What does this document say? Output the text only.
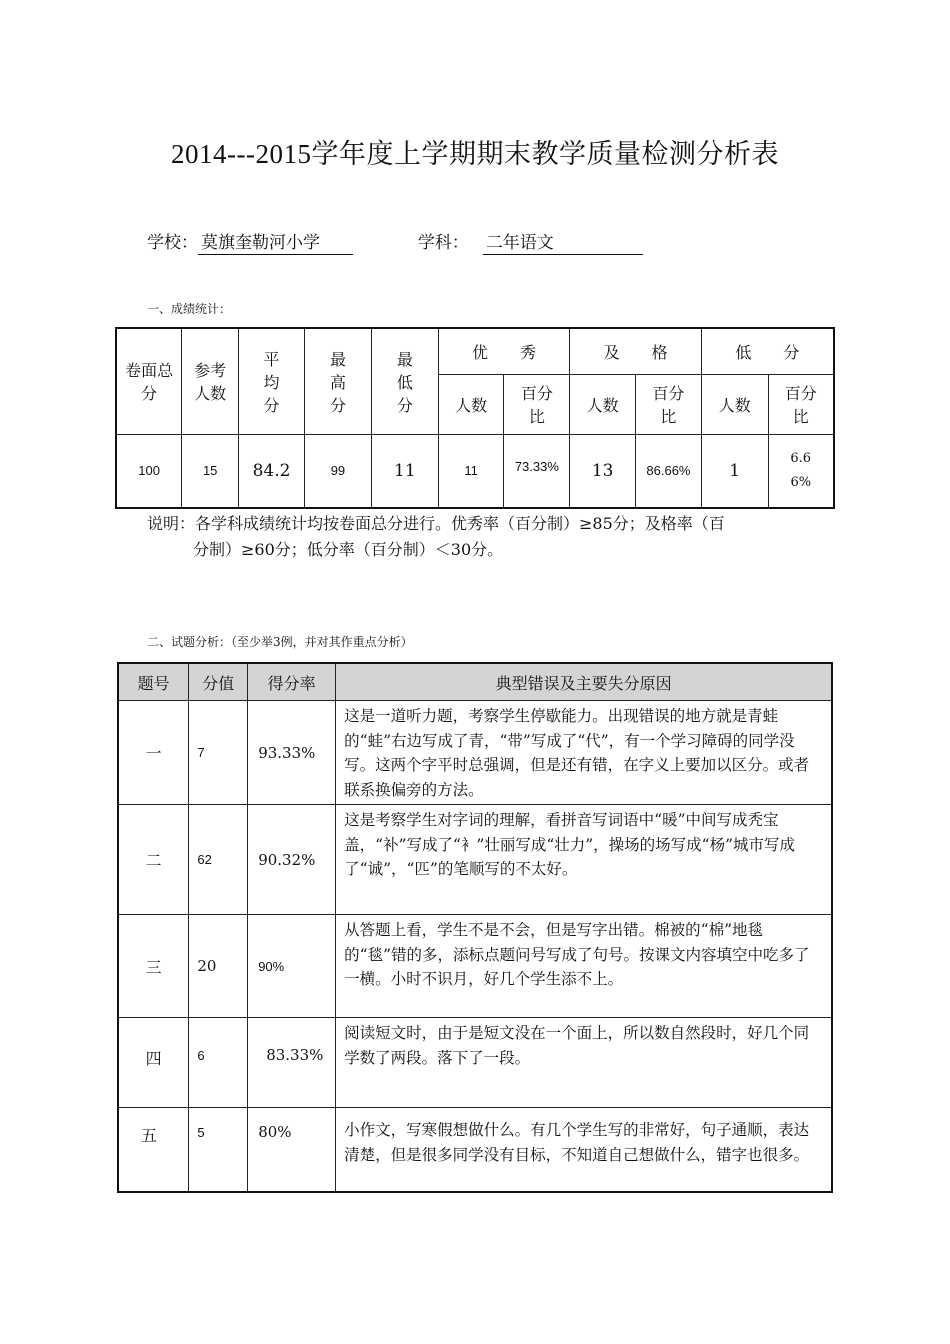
2014---2015学年度上学期期末教学质量检测分析表
学校： 莫旗奎勒河小学	学科： 二年语文
一、成绩统计：
卷面总分	参考人数	平均分	最高分	最低分	优　　秀		及　　格		低　　分	
					人数	百分比	人数	百分比	人数	百分比
100	15	84.2	99	11	11	73.33%	13	86.66%	1	6.66%
说明：各学科成绩统计均按卷面总分进行。优秀率（百分制）≥85分；及格率（百
分制）≥60分；低分率（百分制）＜30分。
二、试题分析：（至少举3例，并对其作重点分析）
题号	分值	得分率	典型错误及主要失分原因
一	7	93.33%	这是一道听力题，考察学生停歇能力。出现错误的地方就是青蛙的“蛙”右边写成了青，“带”写成了“代”，有一个学习障碍的同学没写。这两个字平时总强调，但是还有错，在字义上要加以区分。或者联系换偏旁的方法。
二	62	90.32%	这是考察学生对字词的理解，看拼音写词语中“暖”中间写成秃宝盖，“补”写成了“衤”壮丽写成“壮力”，操场的场写成“杨”城市写成了“诚”，“匹”的笔顺写的不太好。
三	20	90%	从答题上看，学生不是不会，但是写字出错。棉被的“棉”地毯的“毯”错的多，添标点题问号写成了句号。按课文内容填空中吃多了一横。小时不识月，好几个学生添不上。
四	6	83.33%	阅读短文时，由于是短文没在一个面上，所以数自然段时，好几个同学数了两段。落下了一段。
五	5	80%	小作文，写寒假想做什么。有几个学生写的非常好，句子通顺，表达清楚，但是很多同学没有目标，不知道自己想做什么，错字也很多。
